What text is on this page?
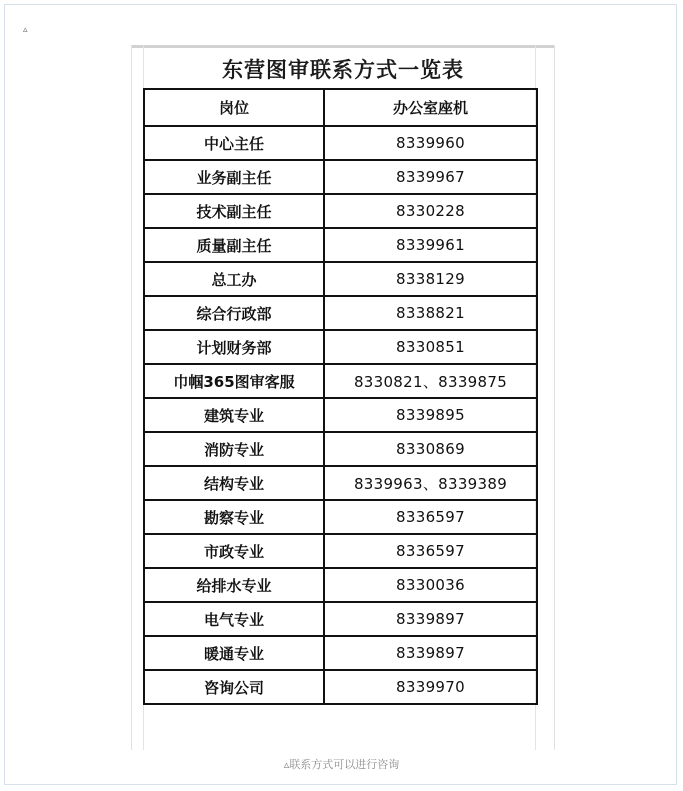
▵
东营图审联系方式一览表
岗位	办公室座机
中心主任	8339960
业务副主任	8339967
技术副主任	8330228
质量副主任	8339961
总工办	8338129
综合行政部	8338821
计划财务部	8330851
巾帼365图审客服	8330821、8339875
建筑专业	8339895
消防专业	8330869
结构专业	8339963、8339389
勘察专业	8336597
市政专业	8336597
给排水专业	8330036
电气专业	8339897
暖通专业	8339897
咨询公司	8339970
▵联系方式可以进行咨询
